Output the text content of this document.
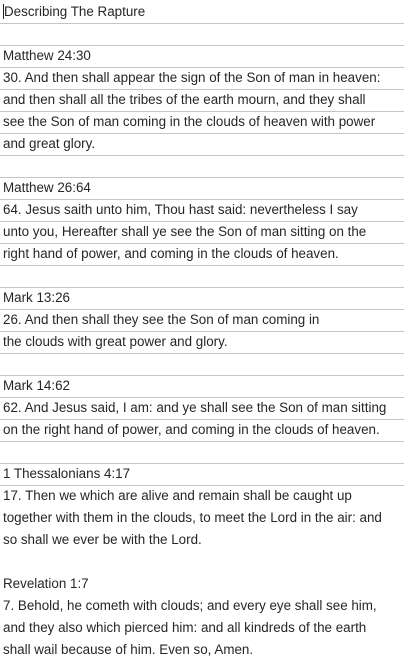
Describing The Rapture
Matthew 24:30
30. And then shall appear the sign of the Son of man in heaven:
and then shall all the tribes of the earth mourn, and they shall
see the Son of man coming in the clouds of heaven with power
and great glory.
Matthew 26:64
64. Jesus saith unto him, Thou hast said: nevertheless I say
unto you, Hereafter shall ye see the Son of man sitting on the
right hand of power, and coming in the clouds of heaven.
Mark 13:26
26. And then shall they see the Son of man coming in
the clouds with great power and glory.
Mark 14:62
62. And Jesus said, I am: and ye shall see the Son of man sitting
on the right hand of power, and coming in the clouds of heaven.
1 Thessalonians 4:17
17. Then we which are alive and remain shall be caught up
together with them in the clouds, to meet the Lord in the air: and
so shall we ever be with the Lord.
Revelation 1:7
7. Behold, he cometh with clouds; and every eye shall see him,
and they also which pierced him: and all kindreds of the earth
shall wail because of him. Even so, Amen.
